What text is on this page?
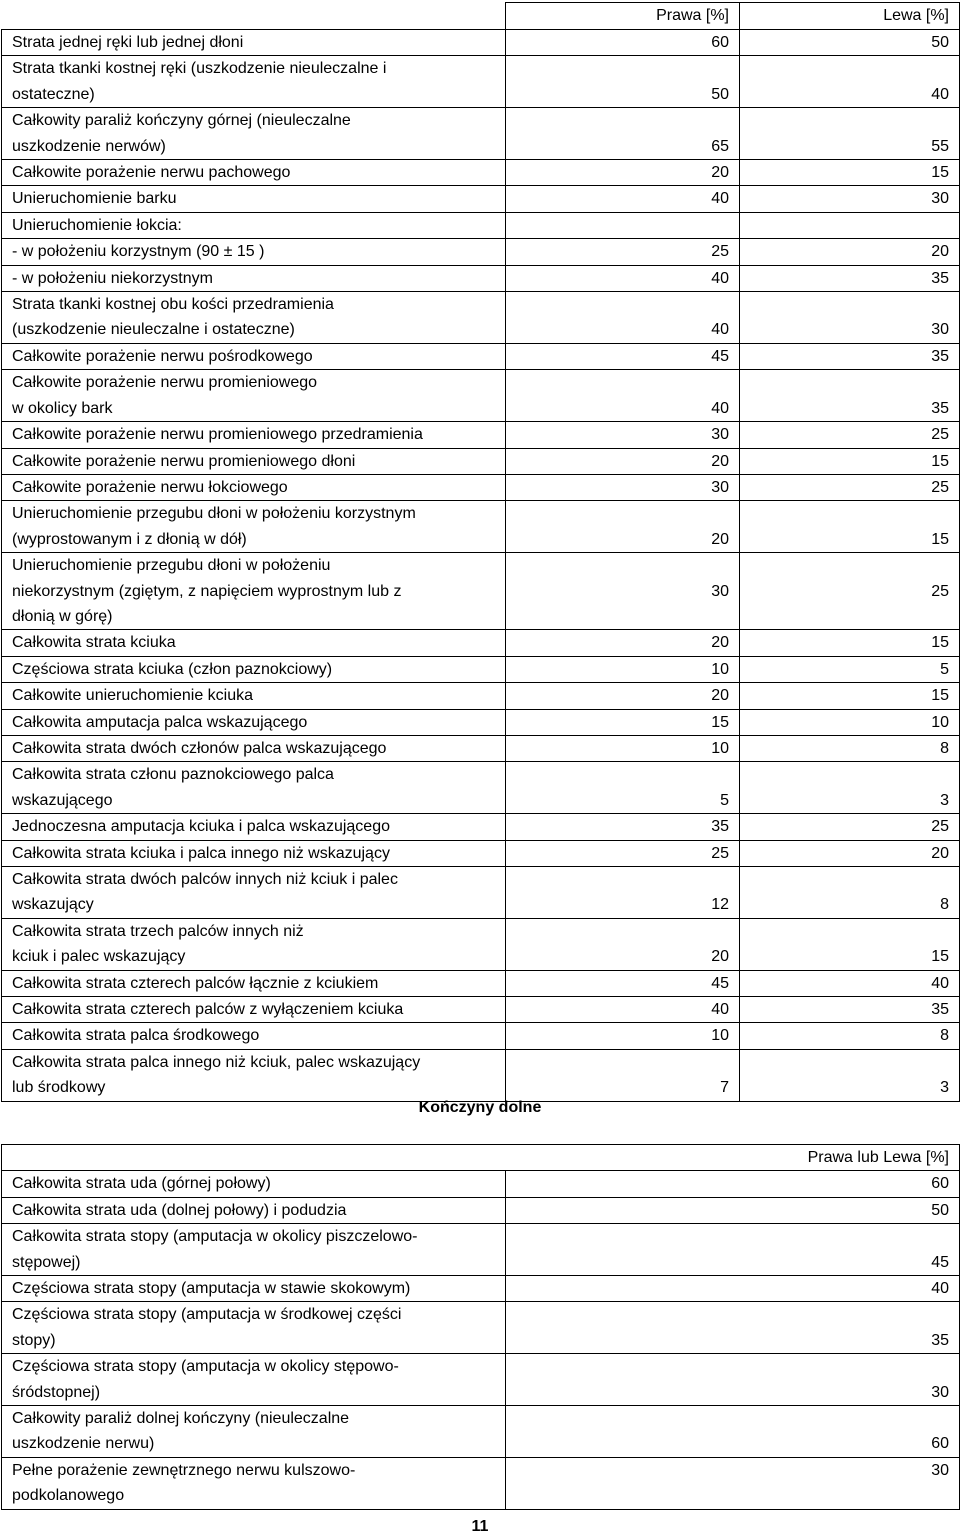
	Prawa [%]	Lewa [%]
Strata jednej ręki lub jednej dłoni	60	50
Strata tkanki kostnej ręki (uszkodzenie nieuleczalne i
ostateczne)	50	40
Całkowity paraliż kończyny górnej (nieuleczalne
uszkodzenie nerwów)	65	55
Całkowite porażenie nerwu pachowego	20	15
Unieruchomienie barku	40	30
Unieruchomienie łokcia:		
- w położeniu korzystnym (90 ± 15 )	25	20
- w położeniu niekorzystnym	40	35
Strata tkanki kostnej obu kości przedramienia
(uszkodzenie nieuleczalne i ostateczne)	40	30
Całkowite porażenie nerwu pośrodkowego	45	35
Całkowite porażenie nerwu promieniowego
w okolicy bark	40	35
Całkowite porażenie nerwu promieniowego przedramienia	30	25
Całkowite porażenie nerwu promieniowego dłoni	20	15
Całkowite porażenie nerwu łokciowego	30	25
Unieruchomienie przegubu dłoni w położeniu korzystnym
(wyprostowanym i z dłonią w dół)	20	15
Unieruchomienie przegubu dłoni w położeniu
niekorzystnym (zgiętym, z napięciem wyprostnym lub z
dłonią w górę)	30	25
Całkowita strata kciuka	20	15
Częściowa strata kciuka (człon paznokciowy)	10	5
Całkowite unieruchomienie kciuka	20	15
Całkowita amputacja palca wskazującego	15	10
Całkowita strata dwóch członów palca wskazującego	10	8
Całkowita strata członu paznokciowego palca
wskazującego	5	3
Jednoczesna amputacja kciuka i palca wskazującego	35	25
Całkowita strata kciuka i palca innego niż wskazujący	25	20
Całkowita strata dwóch palców innych niż kciuk i palec
wskazujący	12	8
Całkowita strata trzech palców innych niż
kciuk i palec wskazujący	20	15
Całkowita strata czterech palców łącznie z kciukiem	45	40
Całkowita strata czterech palców z wyłączeniem kciuka	40	35
Całkowita strata palca środkowego	10	8
Całkowita strata palca innego niż kciuk, palec wskazujący
lub środkowy	7	3
Kończyny dolne
	Prawa lub Lewa [%]
Całkowita strata uda (górnej połowy)	60
Całkowita strata uda (dolnej połowy) i podudzia	50
Całkowita strata stopy (amputacja w okolicy piszczelowo-
stępowej)	45
Częściowa strata stopy (amputacja w stawie skokowym)	40
Częściowa strata stopy (amputacja w środkowej części
stopy)	35
Częściowa strata stopy (amputacja w okolicy stępowo-
śródstopnej)	30
Całkowity paraliż dolnej kończyny (nieuleczalne
uszkodzenie nerwu)	60
Pełne porażenie zewnętrznego nerwu kulszowo-
podkolanowego	30
11
